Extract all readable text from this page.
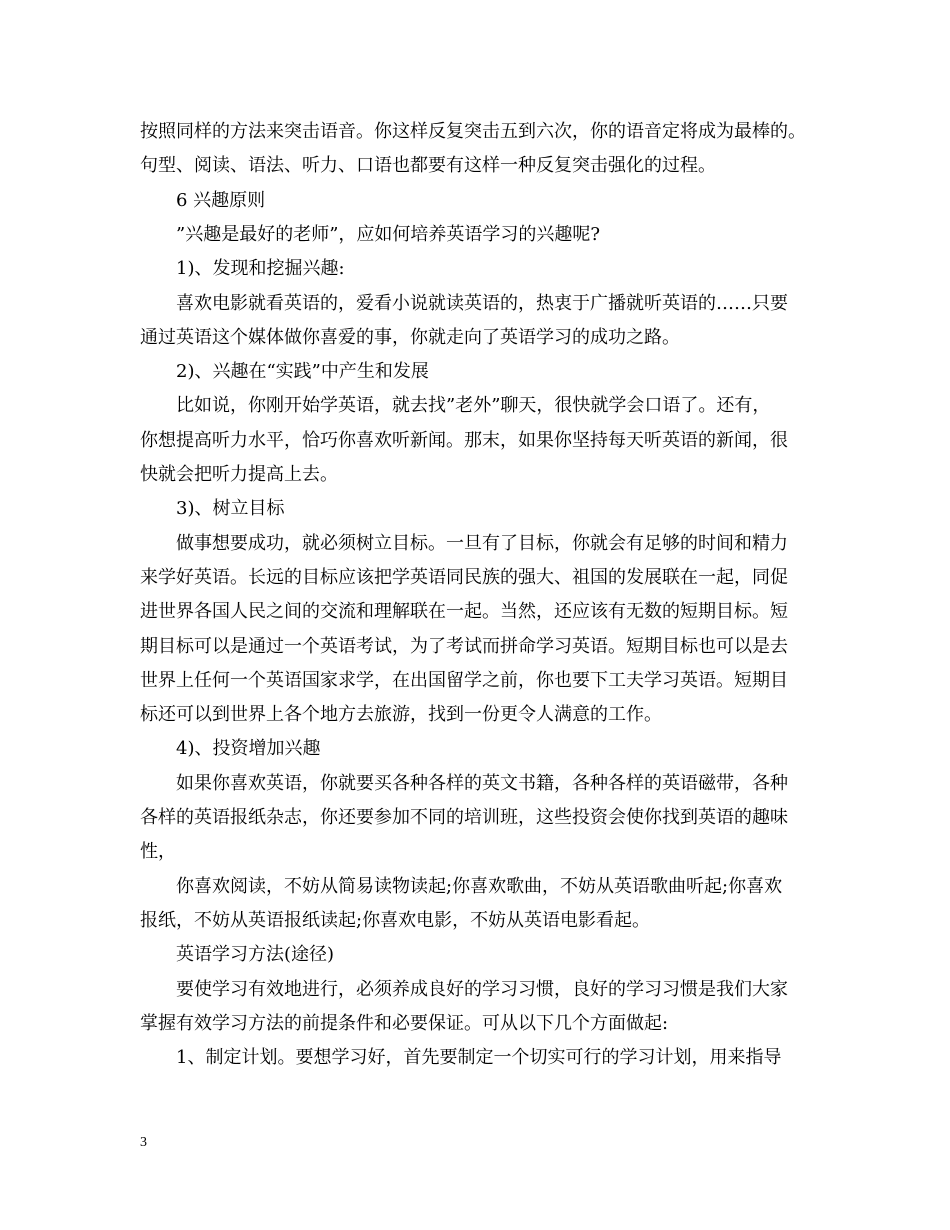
按照同样的方法来突击语音。你这样反复突击五到六次，你的语音定将成为最棒的。
句型、阅读、语法、听力、口语也都要有这样一种反复突击强化的过程。
6 兴趣原则
”兴趣是最好的老师”，应如何培养英语学习的兴趣呢?
1)、发现和挖掘兴趣:
喜欢电影就看英语的，爱看小说就读英语的，热衷于广播就听英语的……只要
通过英语这个媒体做你喜爱的事，你就走向了英语学习的成功之路。
2)、兴趣在“实践”中产生和发展
比如说，你刚开始学英语，就去找”老外”聊天，很快就学会口语了。还有，
你想提高听力水平，恰巧你喜欢听新闻。那末，如果你坚持每天听英语的新闻，很
快就会把听力提高上去。
3)、树立目标
做事想要成功，就必须树立目标。一旦有了目标，你就会有足够的时间和精力
来学好英语。长远的目标应该把学英语同民族的强大、祖国的发展联在一起，同促
进世界各国人民之间的交流和理解联在一起。当然，还应该有无数的短期目标。短
期目标可以是通过一个英语考试，为了考试而拼命学习英语。短期目标也可以是去
世界上任何一个英语国家求学，在出国留学之前，你也要下工夫学习英语。短期目
标还可以到世界上各个地方去旅游，找到一份更令人满意的工作。
4)、投资增加兴趣
如果你喜欢英语，你就要买各种各样的英文书籍，各种各样的英语磁带，各种
各样的英语报纸杂志，你还要参加不同的培训班，这些投资会使你找到英语的趣味
性，
你喜欢阅读，不妨从简易读物读起;你喜欢歌曲，不妨从英语歌曲听起;你喜欢
报纸，不妨从英语报纸读起;你喜欢电影，不妨从英语电影看起。
英语学习方法(途径)
要使学习有效地进行，必须养成良好的学习习惯，良好的学习习惯是我们大家
掌握有效学习方法的前提条件和必要保证。可从以下几个方面做起:
1、制定计划。要想学习好，首先要制定一个切实可行的学习计划，用来指导
3
